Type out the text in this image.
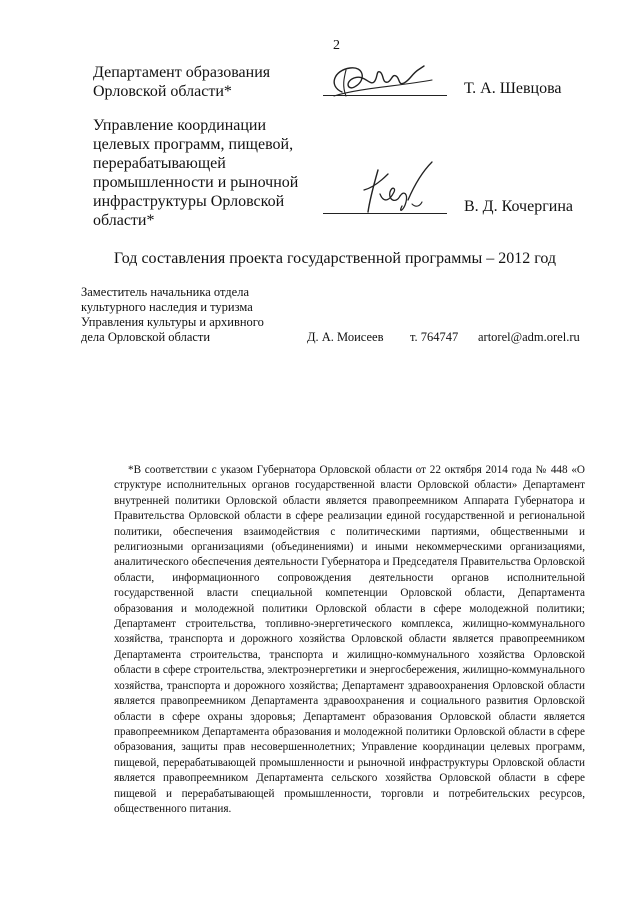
2
Департамент образования
Орловской области*	Т. А. Шевцова
Управление координации
целевых программ, пищевой,
перерабатывающей
промышленности и рыночной
инфраструктуры Орловской
области*
В. Д. Кочергина
Год составления проекта государственной программы – 2012 год
Заместитель начальника отдела
культурного наследия и туризма
Управления культуры и архивного
дела Орловской области	Д. А. Моисеев т. 764747 artorel@adm.orel.ru
*В соответствии с указом Губернатора Орловской области от 22 октября 2014 года № 448 «О структуре исполнительных органов государственной власти Орловской области» Департамент внутренней политики Орловской области является правопреемником Аппарата Губернатора и Правительства Орловской области в сфере реализации единой государственной и региональной политики, обеспечения взаимодействия с политическими партиями, общественными и религиозными организациями (объединениями) и иными некоммерческими организациями, аналитического обеспечения деятельности Губернатора и Председателя Правительства Орловской области, информационного сопровождения деятельности органов исполнительной государственной власти специальной компетенции Орловской области, Департамента образования и молодежной политики Орловской области в сфере молодежной политики; Департамент строительства, топливно-энергетического комплекса, жилищно-коммунального хозяйства, транспорта и дорожного хозяйства Орловской области является правопреемником Департамента строительства, транспорта и жилищно-коммунального хозяйства Орловской области в сфере строительства, электроэнергетики и энергосбережения, жилищно-коммунального хозяйства, транспорта и дорожного хозяйства; Департамент здравоохранения Орловской области является правопреемником Департамента здравоохранения и социального развития Орловской области в сфере охраны здоровья; Департамент образования Орловской области является правопреемником Департамента образования и молодежной политики Орловской области в сфере образования, защиты прав несовершеннолетних; Управление координации целевых программ, пищевой, перерабатывающей промышленности и рыночной инфраструктуры Орловской области является правопреемником Департамента сельского хозяйства Орловской области в сфере пищевой и перерабатывающей промышленности, торговли и потребительских ресурсов, общественного питания.
